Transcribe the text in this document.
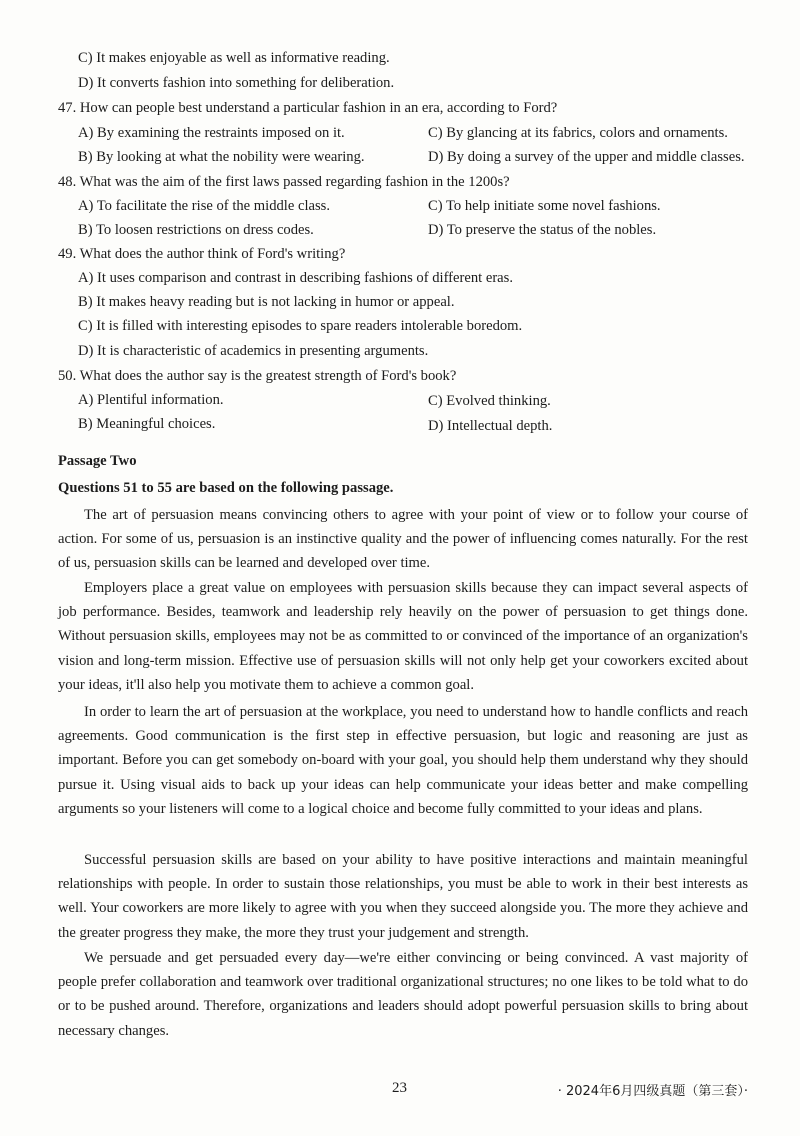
C) It makes enjoyable as well as informative reading.
D) It converts fashion into something for deliberation.
47. How can people best understand a particular fashion in an era, according to Ford?
A) By examining the restraints imposed on it.	C) By glancing at its fabrics, colors and ornaments.
B) By looking at what the nobility were wearing.	D) By doing a survey of the upper and middle classes.
48. What was the aim of the first laws passed regarding fashion in the 1200s?
A) To facilitate the rise of the middle class.	C) To help initiate some novel fashions.
B) To loosen restrictions on dress codes.	D) To preserve the status of the nobles.
49. What does the author think of Ford's writing?
A) It uses comparison and contrast in describing fashions of different eras.
B) It makes heavy reading but is not lacking in humor or appeal.
C) It is filled with interesting episodes to spare readers intolerable boredom.
D) It is characteristic of academics in presenting arguments.
50. What does the author say is the greatest strength of Ford's book?
A) Plentiful information.	C) Evolved thinking.
B) Meaningful choices.	D) Intellectual depth.
Passage Two
Questions 51 to 55 are based on the following passage.
The art of persuasion means convincing others to agree with your point of view or to follow your course of action. For some of us, persuasion is an instinctive quality and the power of influencing comes naturally. For the rest of us, persuasion skills can be learned and developed over time.
Employers place a great value on employees with persuasion skills because they can impact several aspects of job performance. Besides, teamwork and leadership rely heavily on the power of persuasion to get things done. Without persuasion skills, employees may not be as committed to or convinced of the importance of an organization's vision and long-term mission. Effective use of persuasion skills will not only help get your coworkers excited about your ideas, it'll also help you motivate them to achieve a common goal.
In order to learn the art of persuasion at the workplace, you need to understand how to handle conflicts and reach agreements. Good communication is the first step in effective persuasion, but logic and reasoning are just as important. Before you can get somebody on-board with your goal, you should help them understand why they should pursue it. Using visual aids to back up your ideas can help communicate your ideas better and make compelling arguments so your listeners will come to a logical choice and become fully committed to your ideas and plans.
Successful persuasion skills are based on your ability to have positive interactions and maintain meaningful relationships with people. In order to sustain those relationships, you must be able to work in their best interests as well. Your coworkers are more likely to agree with you when they succeed alongside you. The more they achieve and the greater progress they make, the more they trust your judgement and strength.
We persuade and get persuaded every day—we're either convincing or being convinced. A vast majority of people prefer collaboration and teamwork over traditional organizational structures; no one likes to be told what to do or to be pushed around. Therefore, organizations and leaders should adopt powerful persuasion skills to bring about necessary changes.
23	· 2024年6月四级真题（第三套）·
